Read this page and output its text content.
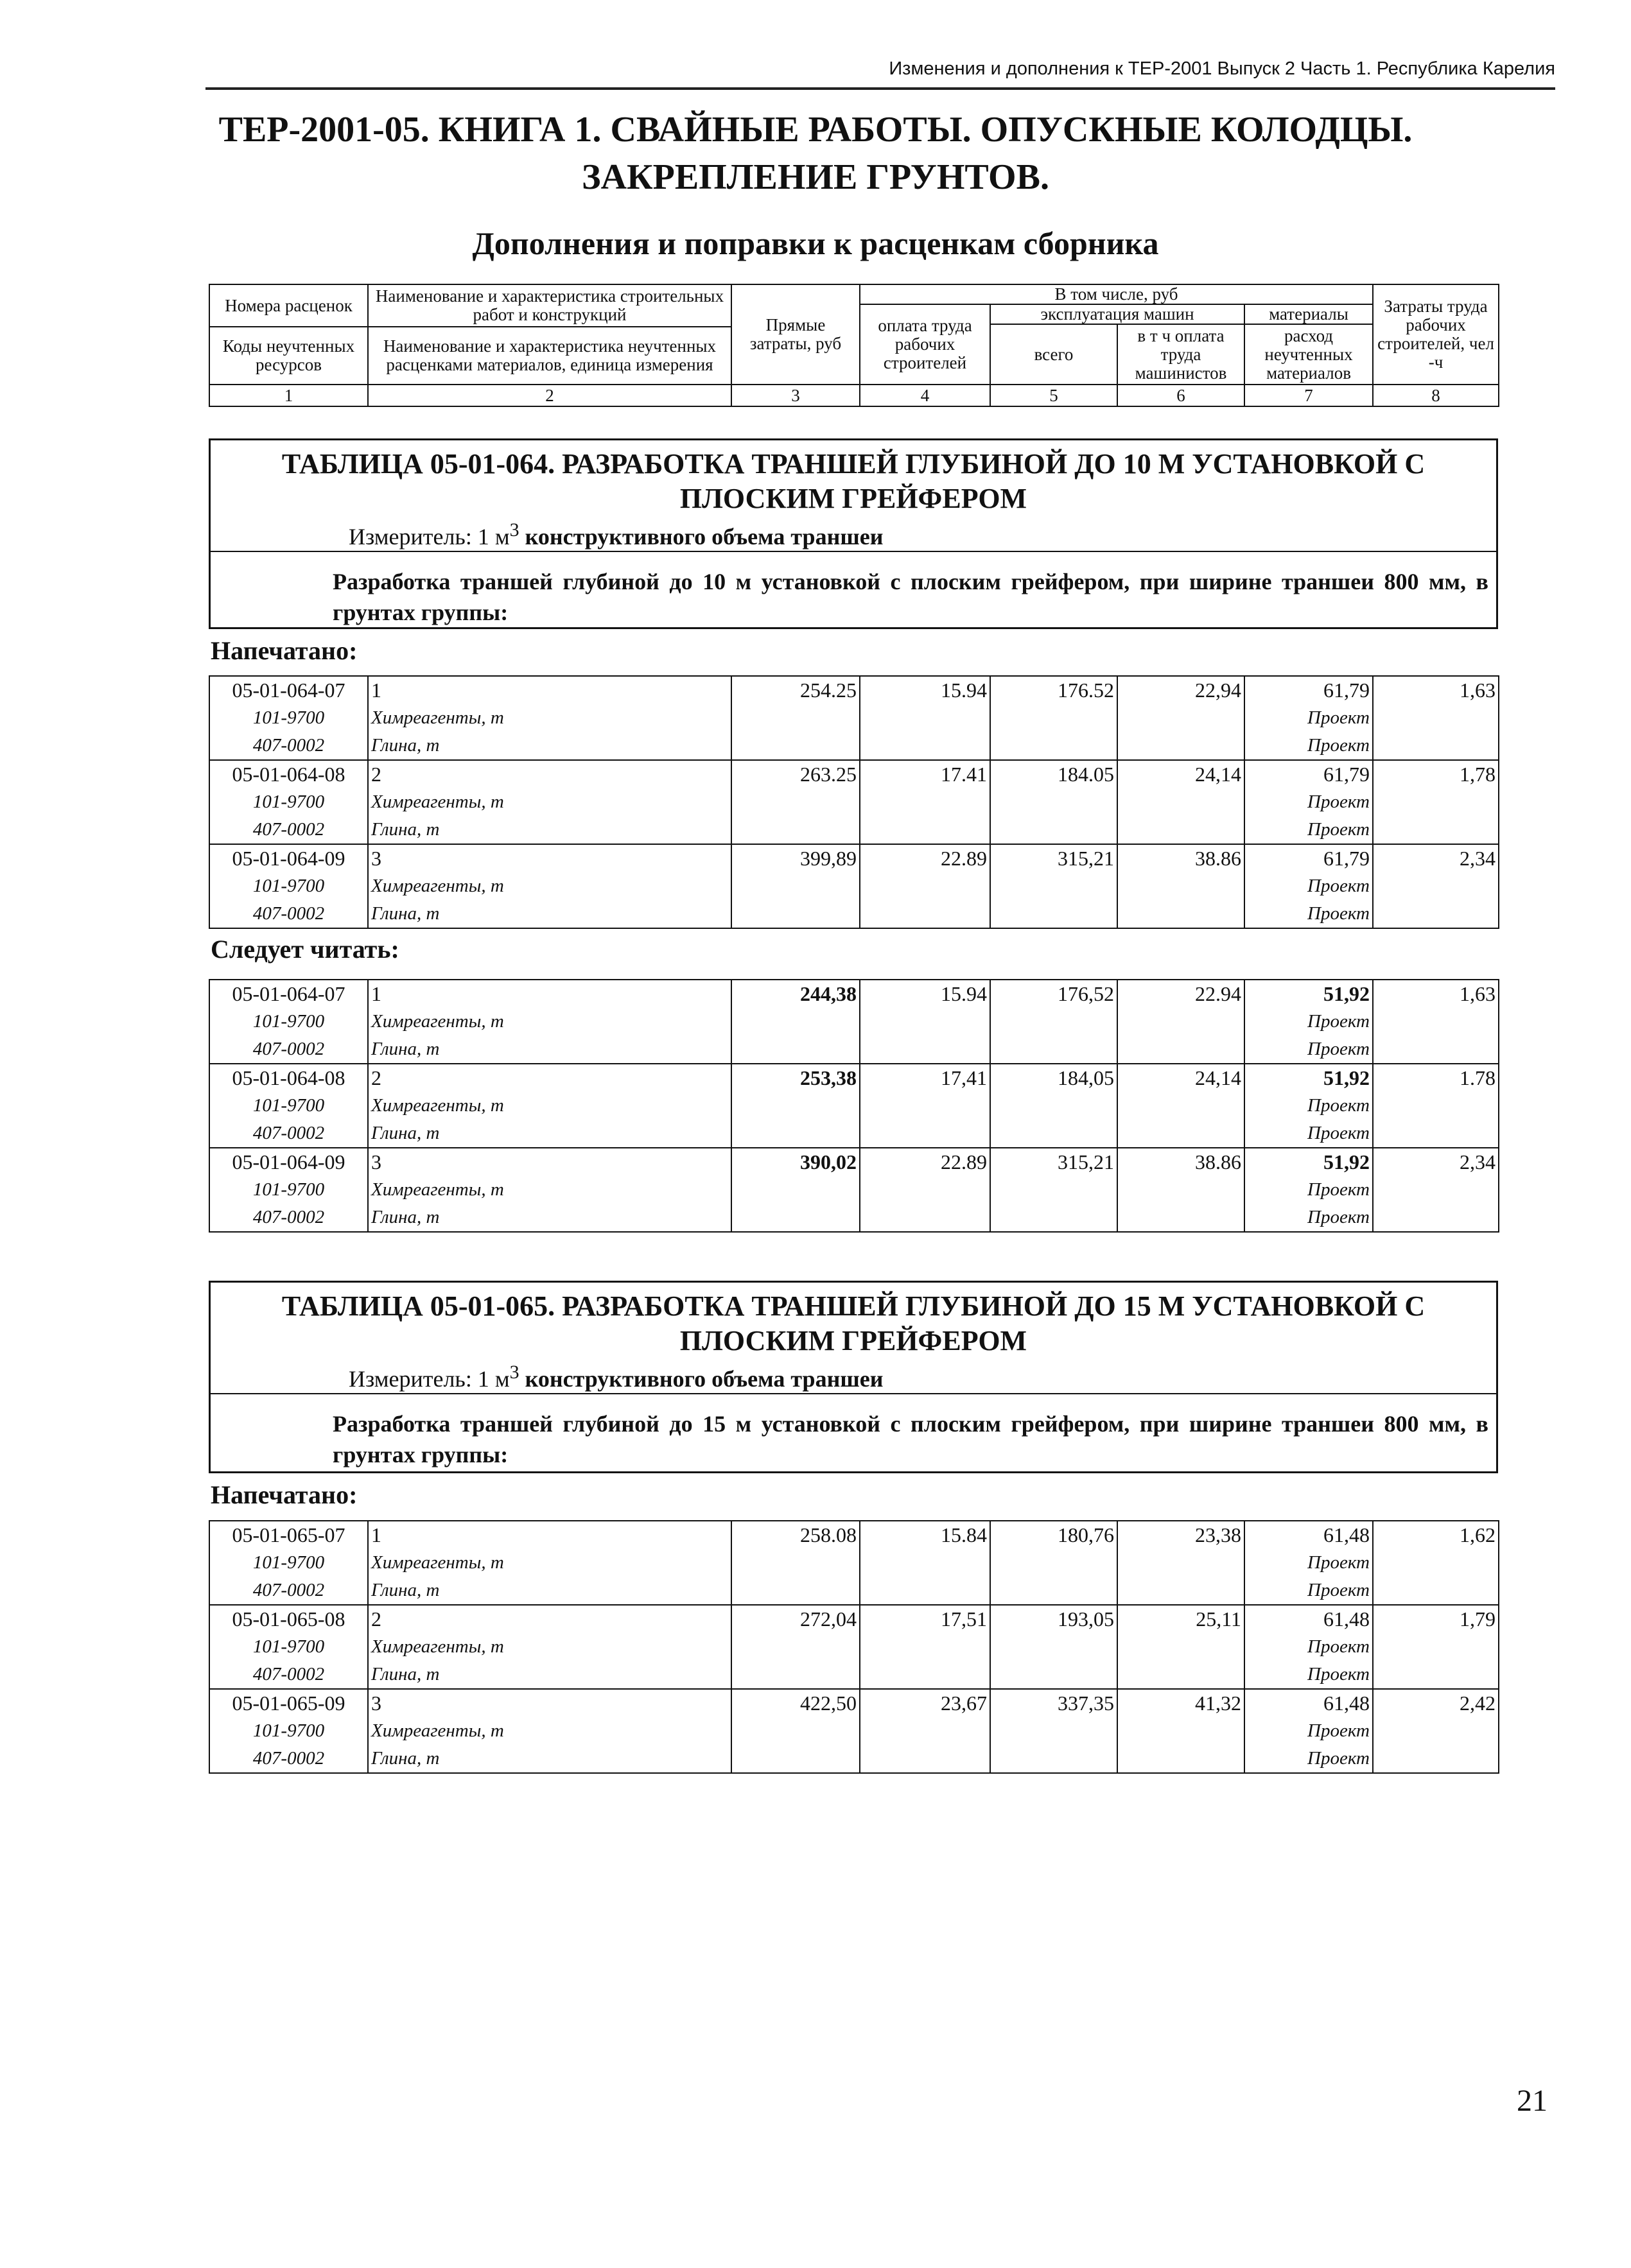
Изменения и дополнения к ТЕР-2001 Выпуск 2 Часть 1. Республика Карелия
ТЕР-2001-05. КНИГА 1. СВАЙНЫЕ РАБОТЫ. ОПУСКНЫЕ КОЛОДЦЫ.
ЗАКРЕПЛЕНИЕ ГРУНТОВ.
Дополнения и поправки к расценкам сборника
Номера расценок	Наименование и характеристика строительных работ и конструкций	Прямые затраты, руб	В том числе, руб				Затраты труда рабочих строителей, чел -ч
			оплата труда рабочих строителей	эксплуатация машин		материалы	
				всего	в т ч оплата труда машинистов	расход неучтенных материалов	
Коды неучтенных ресурсов	Наименование и характеристика неучтенных расценками материалов, единица измерения						

1	2	3	4	5	6	7	8
ТАБЛИЦА 05-01-064. РАЗРАБОТКА ТРАНШЕЙ ГЛУБИНОЙ ДО 10 М УСТАНОВКОЙ С
ПЛОСКИМ ГРЕЙФЕРОМ
Измеритель: 1 $м^3$ конструктивного объема траншеи
Разработка траншей глубиной до 10 м установкой с плоским грейфером, при ширине траншеи 800 мм, в грунтах группы:
Напечатано:
05-01-064-07	1	254.25	15.94	176.52	22,94	61,79	1,63
101-9700	Химреагенты, т					Проект	
407-0002	Глина, т					Проект	
05-01-064-08	2	263.25	17.41	184.05	24,14	61,79	1,78
101-9700	Химреагенты, т					Проект	
407-0002	Глина, т					Проект	
05-01-064-09	3	399,89	22.89	315,21	38.86	61,79	2,34
101-9700	Химреагенты, т					Проект	
407-0002	Глина, т					Проект	
Следует читать:
05-01-064-07	1	244,38	15.94	176,52	22.94	51,92	1,63
101-9700	Химреагенты, т					Проект	
407-0002	Глина, т					Проект	
05-01-064-08	2	253,38	17,41	184,05	24,14	51,92	1.78
101-9700	Химреагенты, т					Проект	
407-0002	Глина, т					Проект	
05-01-064-09	3	390,02	22.89	315,21	38.86	51,92	2,34
101-9700	Химреагенты, т					Проект	
407-0002	Глина, т					Проект	
ТАБЛИЦА 05-01-065. РАЗРАБОТКА ТРАНШЕЙ ГЛУБИНОЙ ДО 15 М УСТАНОВКОЙ С
ПЛОСКИМ ГРЕЙФЕРОМ
Измеритель: 1 $м^3$ конструктивного объема траншеи
Разработка траншей глубиной до 15 м установкой с плоским грейфером, при ширине траншеи 800 мм, в грунтах группы:
Напечатано:
05-01-065-07	1	258.08	15.84	180,76	23,38	61,48	1,62
101-9700	Химреагенты, т					Проект	
407-0002	Глина, т					Проект	
05-01-065-08	2	272,04	17,51	193,05	25,11	61,48	1,79
101-9700	Химреагенты, т					Проект	
407-0002	Глина, т					Проект	
05-01-065-09	3	422,50	23,67	337,35	41,32	61,48	2,42
101-9700	Химреагенты, т					Проект	
407-0002	Глина, т					Проект	
21
